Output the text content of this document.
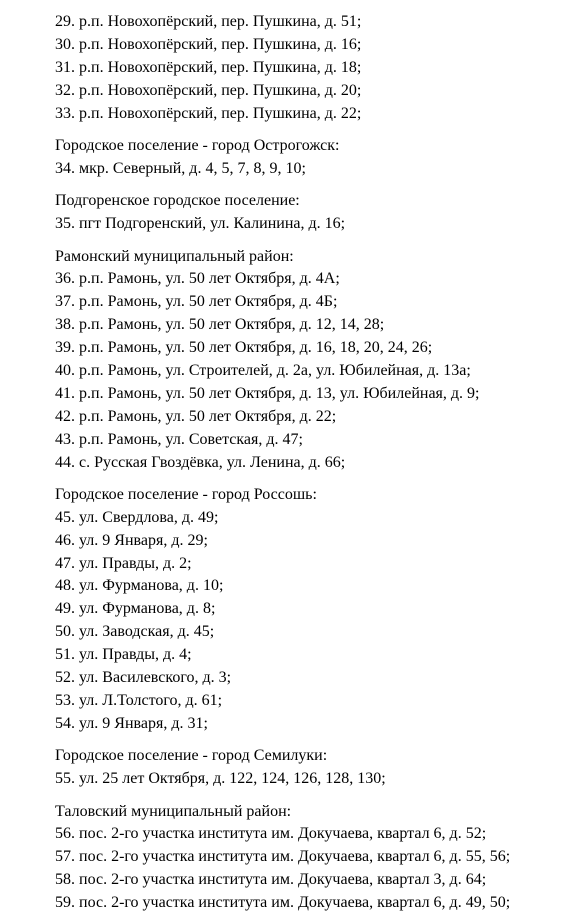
29. р.п. Новохопёрский, пер. Пушкина, д. 51;
30. р.п. Новохопёрский, пер. Пушкина, д. 16;
31. р.п. Новохопёрский, пер. Пушкина, д. 18;
32. р.п. Новохопёрский, пер. Пушкина, д. 20;
33. р.п. Новохопёрский, пер. Пушкина, д. 22;
Городское поселение - город Острогожск:
34. мкр. Северный, д. 4, 5, 7, 8, 9, 10;
Подгоренское городское поселение:
35. пгт Подгоренский, ул. Калинина, д. 16;
Рамонский муниципальный район:
36. р.п. Рамонь, ул. 50 лет Октября, д. 4А;
37. р.п. Рамонь, ул. 50 лет Октября, д. 4Б;
38. р.п. Рамонь, ул. 50 лет Октября, д. 12, 14, 28;
39. р.п. Рамонь, ул. 50 лет Октября, д. 16, 18, 20, 24, 26;
40. р.п. Рамонь, ул. Строителей, д. 2а, ул. Юбилейная, д. 13а;
41. р.п. Рамонь, ул. 50 лет Октября, д. 13, ул. Юбилейная, д. 9;
42. р.п. Рамонь, ул. 50 лет Октября, д. 22;
43. р.п. Рамонь, ул. Советская, д. 47;
44. с. Русская Гвоздёвка, ул. Ленина, д. 66;
Городское поселение - город Россошь:
45. ул. Свердлова, д. 49;
46. ул. 9 Января, д. 29;
47. ул. Правды, д. 2;
48. ул. Фурманова, д. 10;
49. ул. Фурманова, д. 8;
50. ул. Заводская, д. 45;
51. ул. Правды, д. 4;
52. ул. Василевского, д. 3;
53. ул. Л.Толстого, д. 61;
54. ул. 9 Января, д. 31;
Городское поселение - город Семилуки:
55. ул. 25 лет Октября, д. 122, 124, 126, 128, 130;
Таловский муниципальный район:
56. пос. 2-го участка института им. Докучаева, квартал 6, д. 52;
57. пос. 2-го участка института им. Докучаева, квартал 6, д. 55, 56;
58. пос. 2-го участка института им. Докучаева, квартал 3, д. 64;
59. пос. 2-го участка института им. Докучаева, квартал 6, д. 49, 50;
